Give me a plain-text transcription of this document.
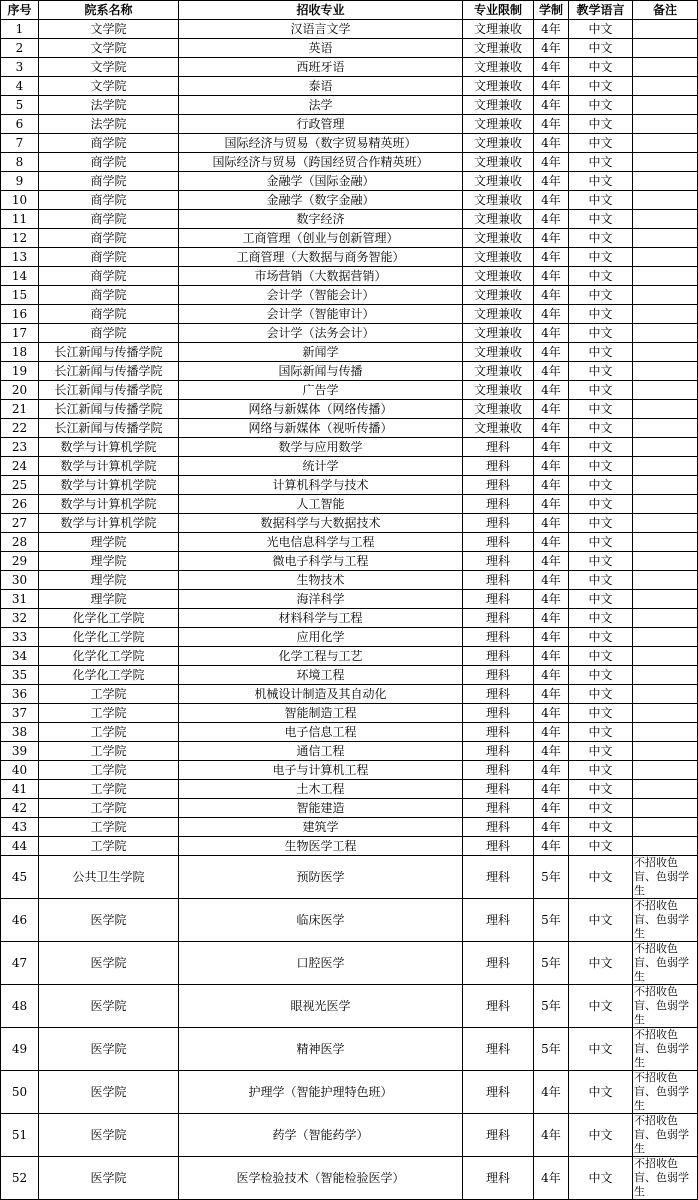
序号	院系名称	招收专业	专业限制	学制	教学语言	备注
1	文学院	汉语言文学	文理兼收	4年	中文	
2	文学院	英语	文理兼收	4年	中文	
3	文学院	西班牙语	文理兼收	4年	中文	
4	文学院	泰语	文理兼收	4年	中文	
5	法学院	法学	文理兼收	4年	中文	
6	法学院	行政管理	文理兼收	4年	中文	
7	商学院	国际经济与贸易（数字贸易精英班）	文理兼收	4年	中文	
8	商学院	国际经济与贸易（跨国经贸合作精英班）	文理兼收	4年	中文	
9	商学院	金融学（国际金融）	文理兼收	4年	中文	
10	商学院	金融学（数字金融）	文理兼收	4年	中文	
11	商学院	数字经济	文理兼收	4年	中文	
12	商学院	工商管理（创业与创新管理）	文理兼收	4年	中文	
13	商学院	工商管理（大数据与商务智能）	文理兼收	4年	中文	
14	商学院	市场营销（大数据营销）	文理兼收	4年	中文	
15	商学院	会计学（智能会计）	文理兼收	4年	中文	
16	商学院	会计学（智能审计）	文理兼收	4年	中文	
17	商学院	会计学（法务会计）	文理兼收	4年	中文	
18	长江新闻与传播学院	新闻学	文理兼收	4年	中文	
19	长江新闻与传播学院	国际新闻与传播	文理兼收	4年	中文	
20	长江新闻与传播学院	广告学	文理兼收	4年	中文	
21	长江新闻与传播学院	网络与新媒体（网络传播）	文理兼收	4年	中文	
22	长江新闻与传播学院	网络与新媒体（视听传播）	文理兼收	4年	中文	
23	数学与计算机学院	数学与应用数学	理科	4年	中文	
24	数学与计算机学院	统计学	理科	4年	中文	
25	数学与计算机学院	计算机科学与技术	理科	4年	中文	
26	数学与计算机学院	人工智能	理科	4年	中文	
27	数学与计算机学院	数据科学与大数据技术	理科	4年	中文	
28	理学院	光电信息科学与工程	理科	4年	中文	
29	理学院	微电子科学与工程	理科	4年	中文	
30	理学院	生物技术	理科	4年	中文	
31	理学院	海洋科学	理科	4年	中文	
32	化学化工学院	材料科学与工程	理科	4年	中文	
33	化学化工学院	应用化学	理科	4年	中文	
34	化学化工学院	化学工程与工艺	理科	4年	中文	
35	化学化工学院	环境工程	理科	4年	中文	
36	工学院	机械设计制造及其自动化	理科	4年	中文	
37	工学院	智能制造工程	理科	4年	中文	
38	工学院	电子信息工程	理科	4年	中文	
39	工学院	通信工程	理科	4年	中文	
40	工学院	电子与计算机工程	理科	4年	中文	
41	工学院	土木工程	理科	4年	中文	
42	工学院	智能建造	理科	4年	中文	
43	工学院	建筑学	理科	4年	中文	
44	工学院	生物医学工程	理科	4年	中文	
45	公共卫生学院	预防医学	理科	5年	中文	不招收色盲、色弱学生
46	医学院	临床医学	理科	5年	中文	不招收色盲、色弱学生
47	医学院	口腔医学	理科	5年	中文	不招收色盲、色弱学生
48	医学院	眼视光医学	理科	5年	中文	不招收色盲、色弱学生
49	医学院	精神医学	理科	5年	中文	不招收色盲、色弱学生
50	医学院	护理学（智能护理特色班）	理科	4年	中文	不招收色盲、色弱学生
51	医学院	药学（智能药学）	理科	4年	中文	不招收色盲、色弱学生
52	医学院	医学检验技术（智能检验医学）	理科	4年	中文	不招收色盲、色弱学生
